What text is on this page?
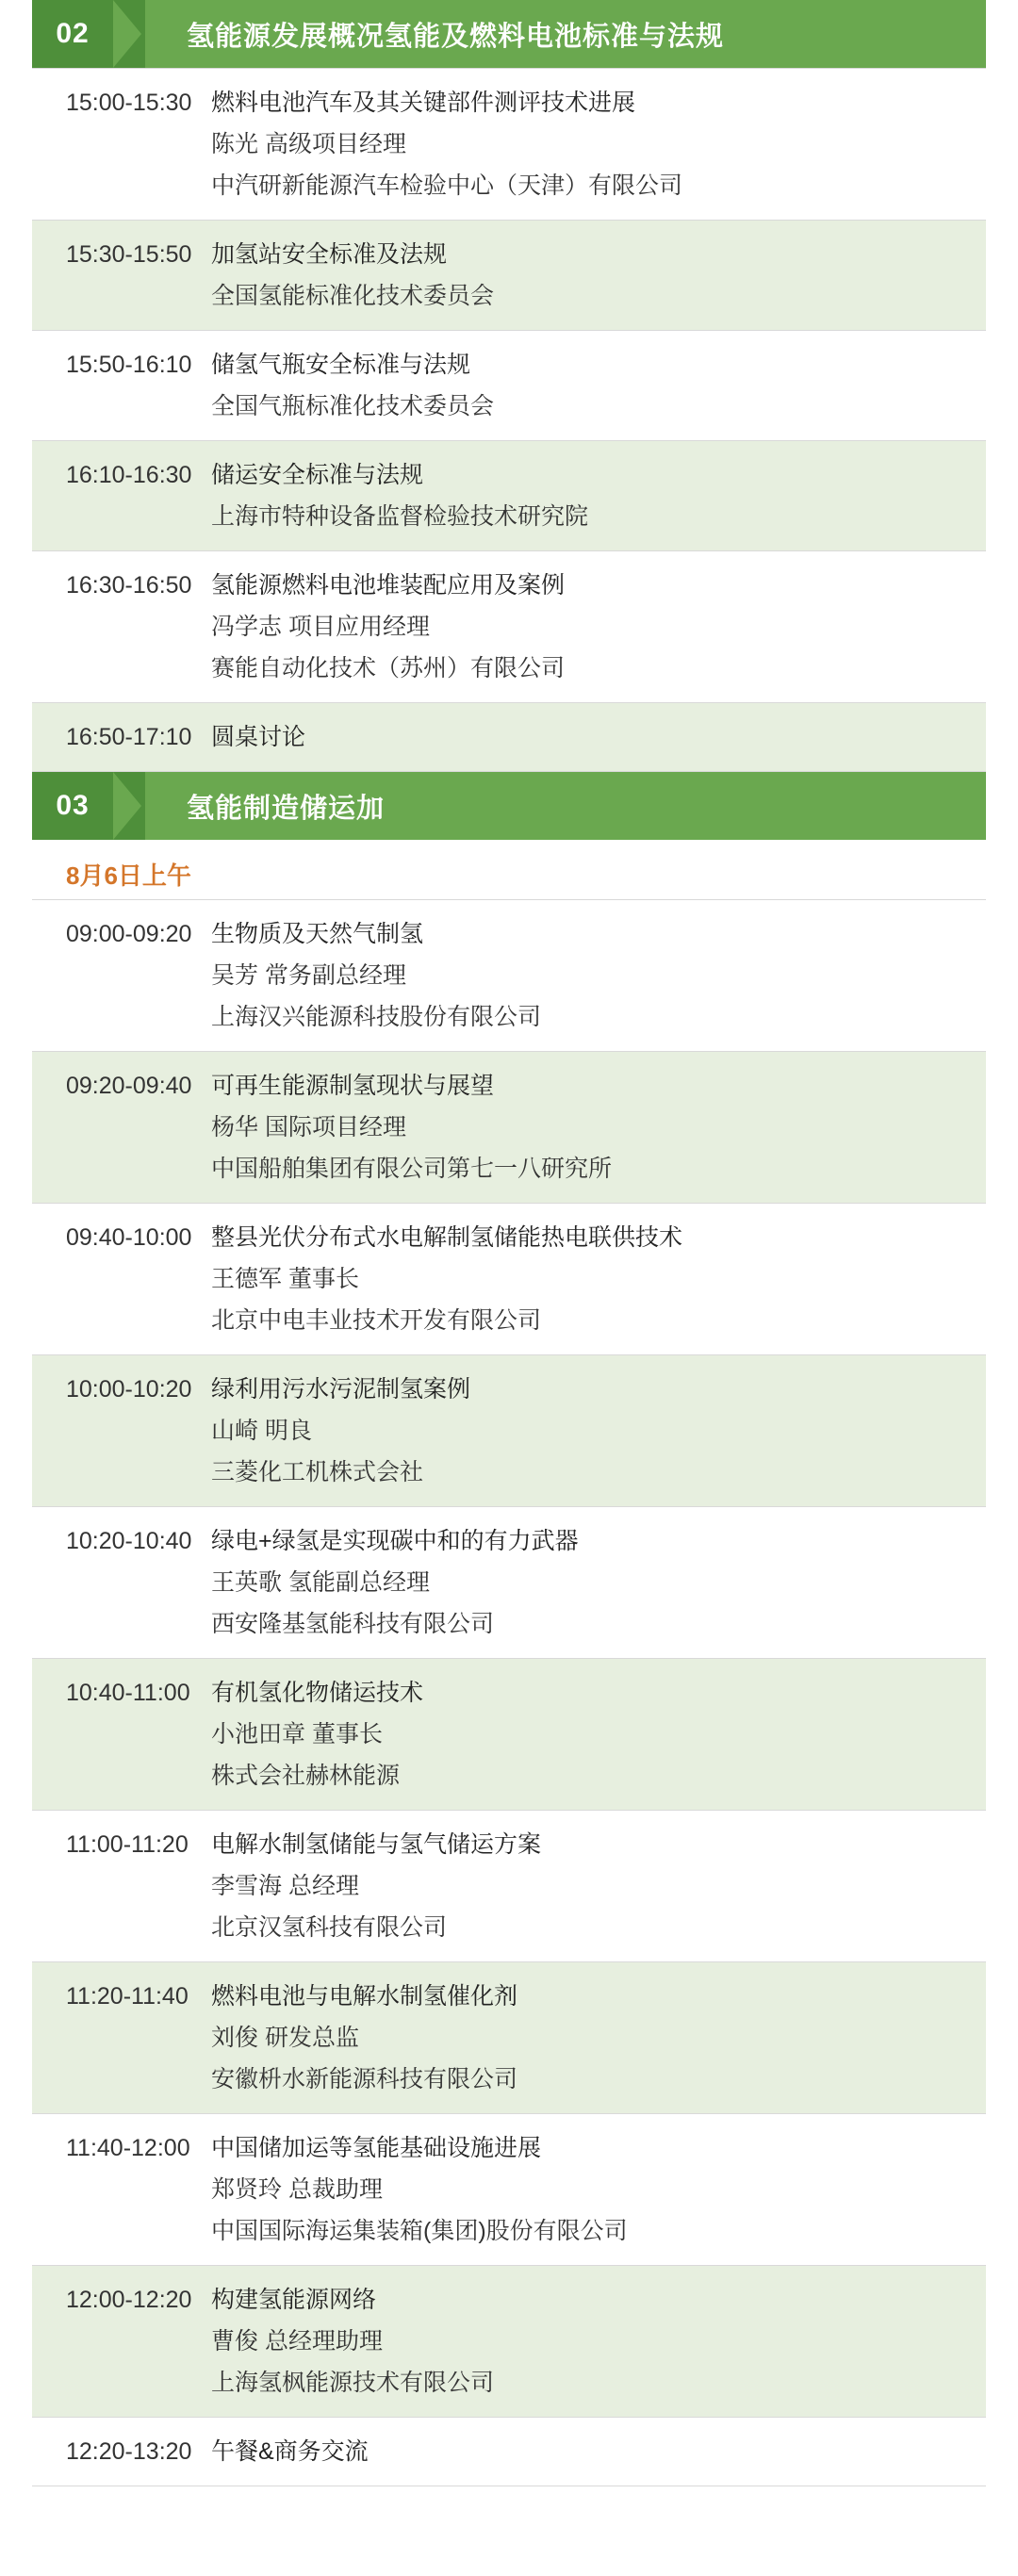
02	氢能源发展概况氢能及燃料电池标准与法规
15:00-15:30 燃料电池汽车及其关键部件测评技术进展
陈光 高级项目经理
中汽研新能源汽车检验中心（天津）有限公司
15:30-15:50 加氢站安全标准及法规
全国氢能标准化技术委员会
15:50-16:10 储氢气瓶安全标准与法规
全国气瓶标准化技术委员会
16:10-16:30 储运安全标准与法规
上海市特种设备监督检验技术研究院
16:30-16:50 氢能源燃料电池堆装配应用及案例
冯学志 项目应用经理
赛能自动化技术（苏州）有限公司
16:50-17:10 圆桌讨论
03	氢能制造储运加
8月6日上午
09:00-09:20 生物质及天然气制氢
吴芳 常务副总经理
上海汉兴能源科技股份有限公司
09:20-09:40 可再生能源制氢现状与展望
杨华 国际项目经理
中国船舶集团有限公司第七一八研究所
09:40-10:00 整县光伏分布式水电解制氢储能热电联供技术
王德军 董事长
北京中电丰业技术开发有限公司
10:00-10:20 绿利用污水污泥制氢案例
山崎 明良
三菱化工机株式会社
10:20-10:40 绿电+绿氢是实现碳中和的有力武器
王英歌 氢能副总经理
西安隆基氢能科技有限公司
10:40-11:00 有机氢化物储运技术
小池田章 董事长
株式会社赫林能源
11:00-11:20 电解水制氢储能与氢气储运方案
李雪海 总经理
北京汉氢科技有限公司
11:20-11:40 燃料电池与电解水制氢催化剂
刘俊 研发总监
安徽枡水新能源科技有限公司
11:40-12:00 中国储加运等氢能基础设施进展
郑贤玲 总裁助理
中国国际海运集装箱(集团)股份有限公司
12:00-12:20 构建氢能源网络
曹俊 总经理助理
上海氢枫能源技术有限公司
12:20-13:20 午餐&商务交流
